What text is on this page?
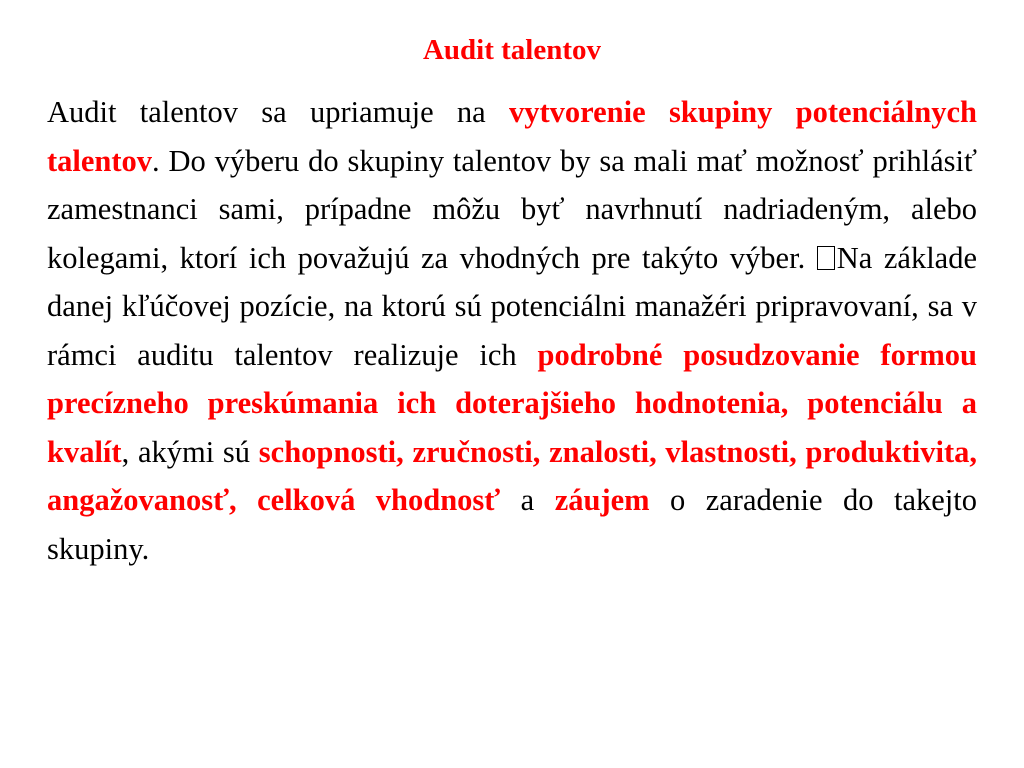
Audit talentov

Audit talentov sa upriamuje na vytvorenie skupiny potenciálnych talentov. Do výberu do skupiny talentov by sa mali mať možnosť prihlásiť zamestnanci sami, prípadne môžu byť navrhnutí nadriadeným, alebo kolegami, ktorí ich považujú za vhodných pre takýto výber. Na základe danej kľúčovej pozície, na ktorú sú potenciálni manažéri pripravovaní, sa v rámci auditu talentov realizuje ich podrobné posudzovanie formou precízneho preskúmania ich doterajšieho hodnotenia, potenciálu a kvalít, akými sú schopnosti, zručnosti, znalosti, vlastnosti, produktivita, angažovanosť, celková vhodnosť a záujem o zaradenie do takejto skupiny.
